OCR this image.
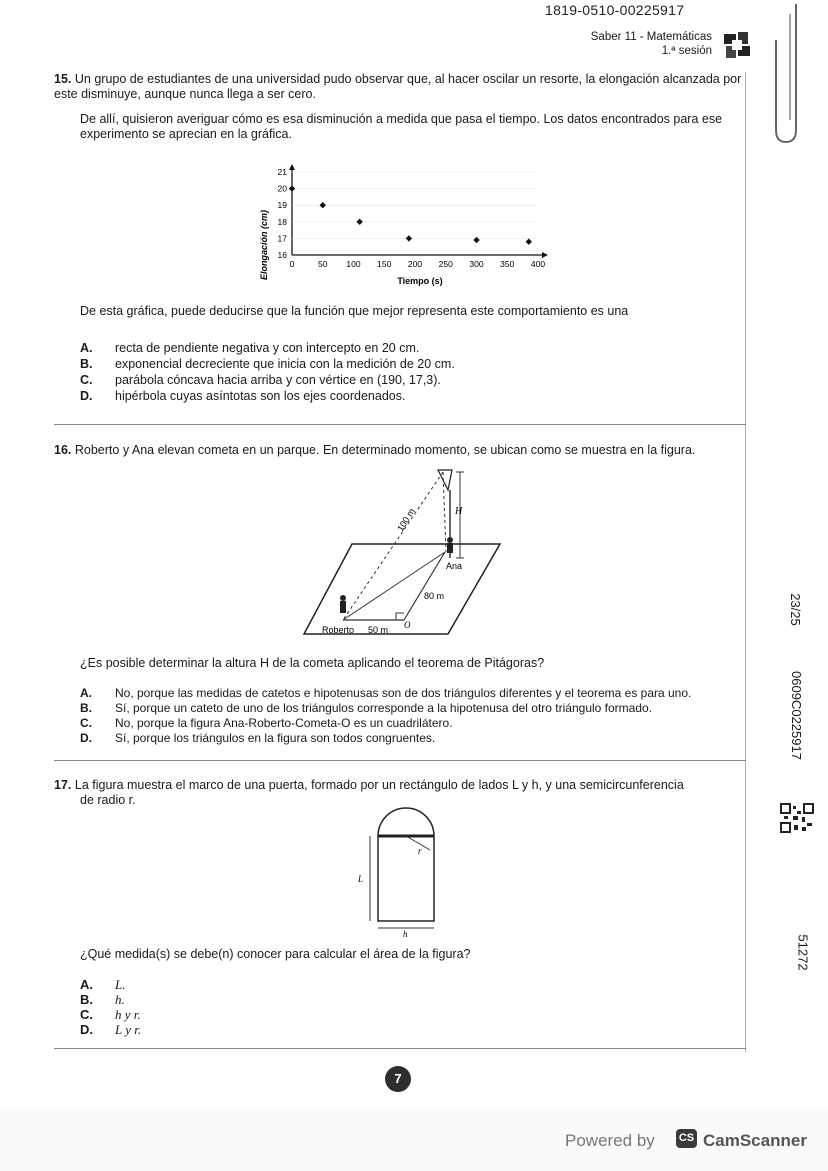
1819-0510-00225917
Saber 11 - Matemáticas
1.ª sesión

15. Un grupo de estudiantes de una universidad pudo observar que, al hacer oscilar un resorte, la elongación alcanzada por este disminuye, aunque nunca llega a ser cero.

De allí, quisieron averiguar cómo es esa disminución a medida que pasa el tiempo. Los datos encontrados para ese experimento se aprecian en la gráfica.

16
17
18
19
20
21
0	50 100 150 200 250 300 350 400
Elongación (cm)
Tiempo (s)
De esta gráfica, puede deducirse que la función que mejor representa este comportamiento es una
A.	recta de pendiente negativa y con intercepto en 20 cm.
B.	exponencial decreciente que inicia con la medición de 20 cm.
C.	parábola cóncava hacia arriba y con vértice en (190, 17,3).
D.	hipérbola cuyas asíntotas son los ejes coordenados.

16. Roberto y Ana elevan cometa en un parque. En determinado momento, se ubican como se muestra en la figura.

100 m	H
Ana
80 m
Roberto 50 m O
¿Es posible determinar la altura H de la cometa aplicando el teorema de Pitágoras?
A.	No, porque las medidas de catetos e hipotenusas son de dos triángulos diferentes y el teorema es para uno.
B.	Sí, porque un cateto de uno de los triángulos corresponde a la hipotenusa del otro triángulo formado.
C.	No, porque la figura Ana-Roberto-Cometa-O es un cuadrilátero.
D.	Sí, porque los triángulos en la figura son todos congruentes.

17. La figura muestra el marco de una puerta, formado por un rectángulo de lados L y h, y una semicircunferencia

de radio r.

r
L
h
¿Qué medida(s) se debe(n) conocer para calcular el área de la figura?
A.	L.
B.	h.
C.	h y r.
D.	L y r.
23/25
0609C0225917
51272
7
Powered by CS CamScanner
